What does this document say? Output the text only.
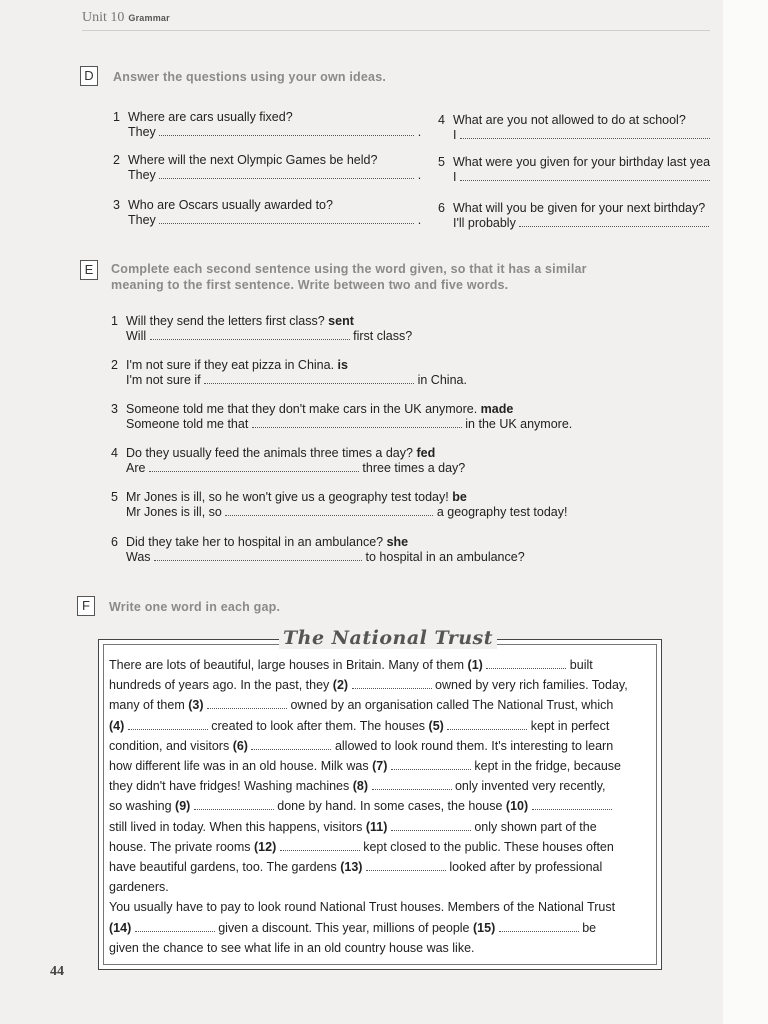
Unit 10 Grammar
D	Answer the questions using your own ideas.
1 Where are cars usually fixed?
They	.
2 Where will the next Olympic Games be held?
They	.
3 Who are Oscars usually awarded to?
They	.
4 What are you not allowed to do at school?
I
5 What were you given for your birthday last yea
I
6 What will you be given for your next birthday?
I'll probably
E	Complete each second sentence using the word given, so that it has a similar
meaning to the first sentence. Write between two and five words.
1 Will they send the letters first class? sent
Will	first class?
2 I'm not sure if they eat pizza in China. is
I'm not sure if	in China.
3 Someone told me that they don't make cars in the UK anymore. made
Someone told me that	in the UK anymore.
4 Do they usually feed the animals three times a day? fed
Are	three times a day?
5 Mr Jones is ill, so he won't give us a geography test today! be
Mr Jones is ill, so	a geography test today!
6 Did they take her to hospital in an ambulance? she
Was	to hospital in an ambulance?
F	Write one word in each gap.
The National Trust

There are lots of beautiful, large houses in Britain. Many of them (1)	built

hundreds of years ago. In the past, they (2)	owned by very rich families. Today,

many of them (3)	owned by an organisation called The National Trust, which

(4)	created to look after them. The houses (5)	kept in perfect

condition, and visitors (6)	allowed to look round them. It's interesting to learn

how different life was in an old house. Milk was (7)	kept in the fridge, because

they didn't have fridges! Washing machines (8)	only invented very recently,

so washing (9)	done by hand. In some cases, the house (10)

still lived in today. When this happens, visitors (11)	only shown part of the

house. The private rooms (12)	kept closed to the public. These houses often

have beautiful gardens, too. The gardens (13)	looked after by professional

gardeners.

You usually have to pay to look round National Trust houses. Members of the National Trust

(14)	given a discount. This year, millions of people (15)	be

given the chance to see what life in an old country house was like.

44
